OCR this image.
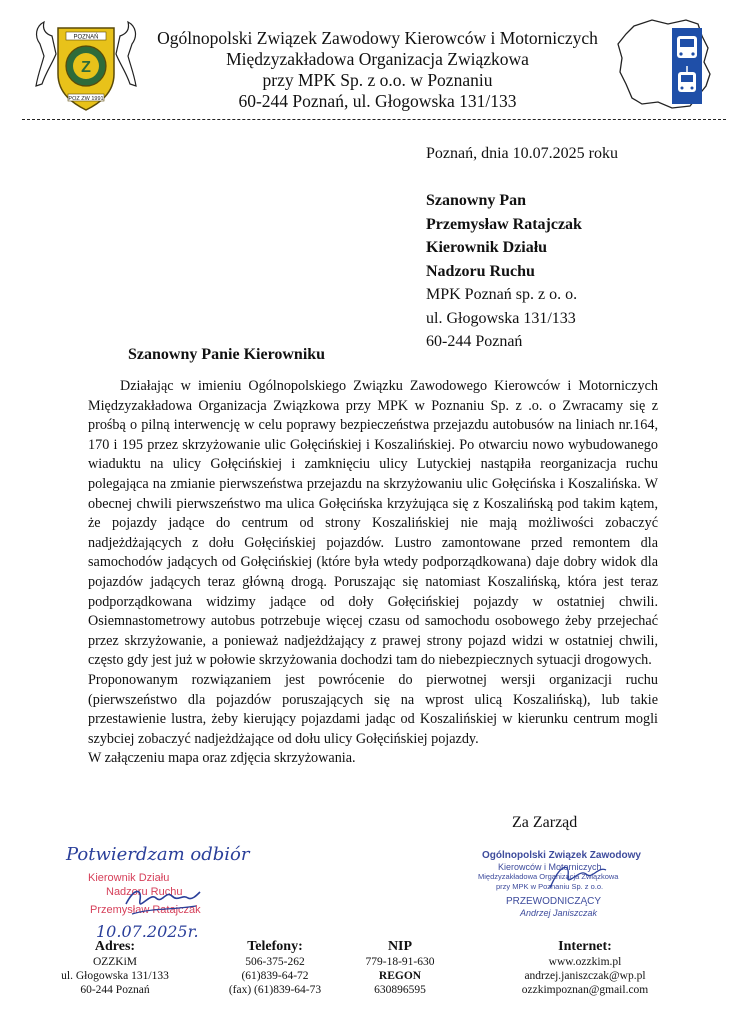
POZNAŃ
Z
POZ ZW 1991
Ogólnopolski Związek Zawodowy Kierowców i Motorniczych
Międzyzakładowa Organizacja Związkowa
przy MPK Sp. z o.o. w Poznaniu
60-244 Poznań, ul. Głogowska 131/133
Poznań, dnia 10.07.2025 roku
Szanowny Pan
Przemysław Ratajczak
Kierownik Działu
Nadzoru Ruchu
MPK Poznań sp. z o. o.
ul. Głogowska 131/133
60-244 Poznań
Szanowny Panie Kierowniku

Działając w imieniu Ogólnopolskiego Związku Zawodowego Kierowców i Motorniczych Międzyzakładowa Organizacja Związkowa przy MPK w Poznaniu Sp. z .o. o Zwracamy się z prośbą o pilną interwencję w celu poprawy bezpieczeństwa przejazdu autobusów na liniach nr.164, 170 i 195 przez skrzyżowanie ulic Gołęcińskiej i Koszalińskiej. Po otwarciu nowo wybudowanego wiaduktu na ulicy Gołęcińskiej i zamknięciu ulicy Lutyckiej nastąpiła reorganizacja ruchu polegająca na zmianie pierwszeństwa przejazdu na skrzyżowaniu ulic Gołęcińska i Koszalińska. W obecnej chwili pierwszeństwo ma ulica Gołęcińska krzyżująca się z Koszalińską pod takim kątem, że pojazdy jadące do centrum od strony Koszalińskiej nie mają możliwości zobaczyć nadjeżdżających z dołu Gołęcińskiej pojazdów. Lustro zamontowane przed remontem dla samochodów jadących od Gołęcińskiej (które była wtedy podporządkowana) daje dobry widok dla pojazdów jadących teraz główną drogą. Poruszając się natomiast Koszalińską, która jest teraz podporządkowana widzimy jadące od doły Gołęcińskiej pojazdy w ostatniej chwili. Osiemnastometrowy autobus potrzebuje więcej czasu od samochodu osobowego żeby przejechać przez skrzyżowanie, a ponieważ nadjeżdżający z prawej strony pojazd widzi w ostatniej chwili, często gdy jest już w połowie skrzyżowania dochodzi tam do niebezpiecznych sytuacji drogowych.

Proponowanym rozwiązaniem jest powrócenie do pierwotnej wersji organizacji ruchu (pierwszeństwo dla pojazdów poruszających się na wprost ulicą Koszalińską), lub takie przestawienie lustra, żeby kierujący pojazdami jadąc od Koszalińskiej w kierunku centrum mogli szybciej zobaczyć nadjeżdżające od dołu ulicy Gołęcińskiej pojazdy.

W załączeniu mapa oraz zdjęcia skrzyżowania.

Za Zarząd
Potwierdzam odbiór
Kierownik Działu
Nadzoru Ruchu
Przemysław Ratajczak
10.07.2025r.
Ogólnopolski Związek Zawodowy
Kierowców i Motorniczych
Międzyzakładowa Organizacja Związkowa
przy MPK w Poznaniu Sp. z o.o.
PRZEWODNICZĄCY
Andrzej Janiszczak
Adres:
OZZKiM
ul. Głogowska 131/133
60-244 Poznań
Telefony:
506-375-262
(61)839-64-72
(fax) (61)839-64-73
NIP
779-18-91-630
REGON
630896595
Internet:
www.ozzkim.pl
andrzej.janiszczak@wp.pl
ozzkimpoznan@gmail.com
